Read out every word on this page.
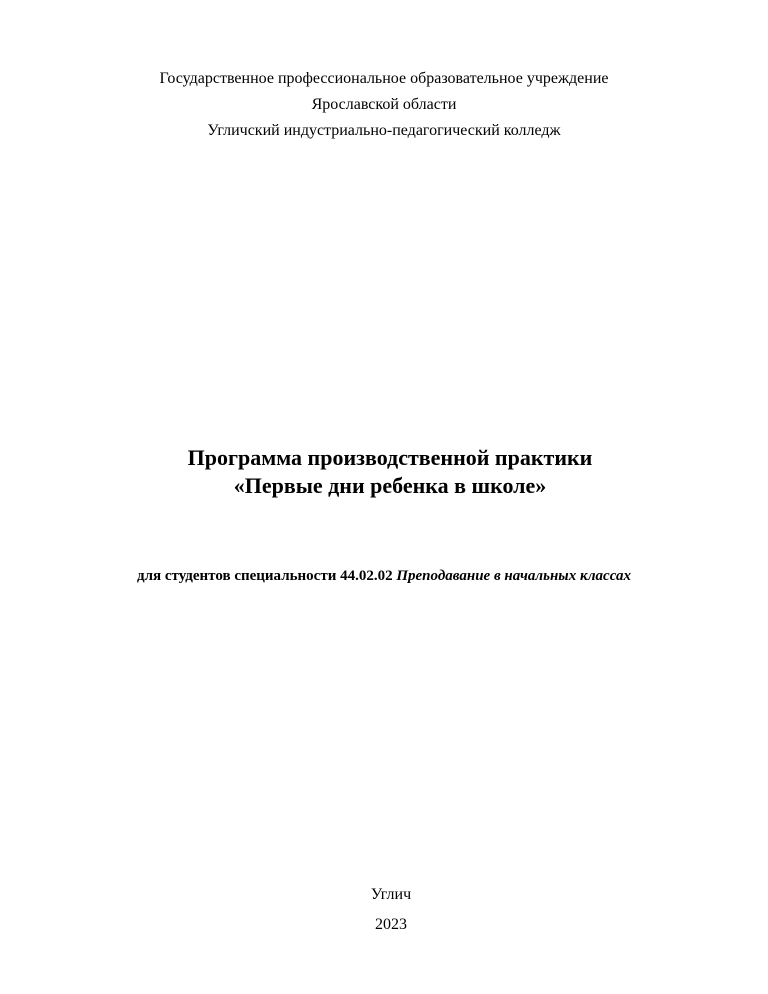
Государственное профессиональное образовательное учреждение
Ярославской области
Угличский индустриально-педагогический колледж
Программа производственной практики
«Первые дни ребенка в школе»
для студентов специальности 44.02.02 Преподавание в начальных классах
Углич
2023
